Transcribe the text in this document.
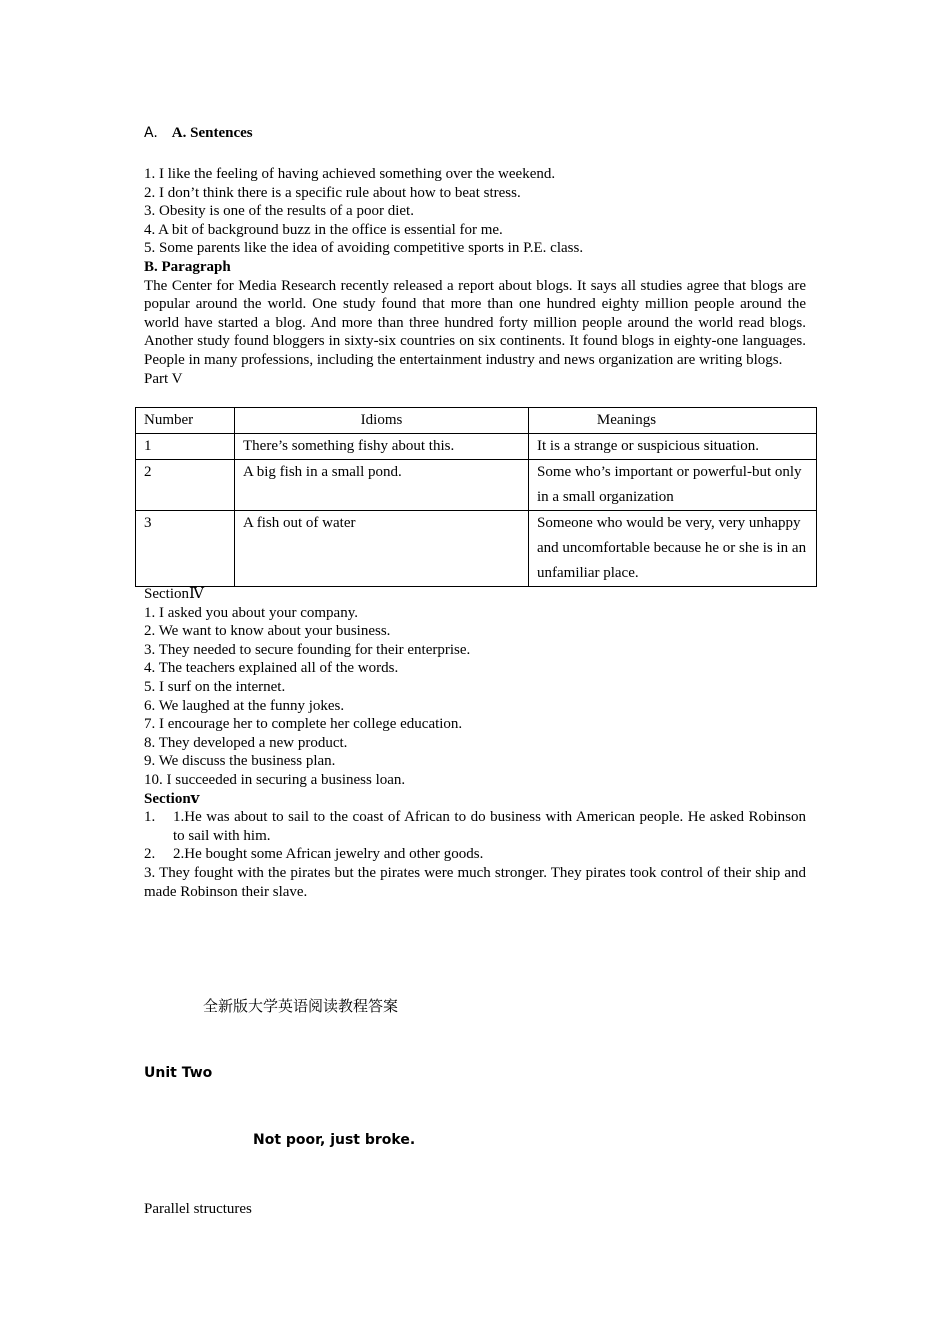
A. A. Sentences
1. I like the feeling of having achieved something over the weekend.
2. I don’t think there is a specific rule about how to beat stress.
3. Obesity is one of the results of a poor diet.
4. A bit of background buzz in the office is essential for me.
5. Some parents like the idea of avoiding competitive sports in P.E. class.
B. Paragraph
The Center for Media Research recently released a report about blogs. It says all studies agree that blogs are popular around the world. One study found that more than one hundred eighty million people around the world have started a blog. And more than three hundred forty million people around the world read blogs. Another study found bloggers in sixty-six countries on six continents. It found blogs in eighty-one languages. People in many professions, including the entertainment industry and news organization are writing blogs.
Part V
Number	Idioms	Meanings
1	There’s something fishy about this.	It is a strange or suspicious situation.
2	A big fish in a small pond.	Some who’s important or powerful-but only in a small organization
3	A fish out of water	Someone who would be very, very unhappy and uncomfortable because he or she is in an unfamiliar place.
SectionⅣ
1. I asked you about your company.
2. We want to know about your business.
3. They needed to secure founding for their enterprise.
4. The teachers explained all of the words.
5. I surf on the internet.
6. We laughed at the funny jokes.
7. I encourage her to complete her college education.
8. They developed a new product.
9. We discuss the business plan.
10. I succeeded in securing a business loan.
Sectionⅴ
1.	1.He was about to sail to the coast of African to do business with American people. He asked Robinson to sail with him.
2.	2.He bought some African jewelry and other goods.
3. They fought with the pirates but the pirates were much stronger. They pirates took control of their ship and made Robinson their slave.
全新版大学英语阅读教程答案
Unit Two
Not poor, just broke.
Parallel structures
